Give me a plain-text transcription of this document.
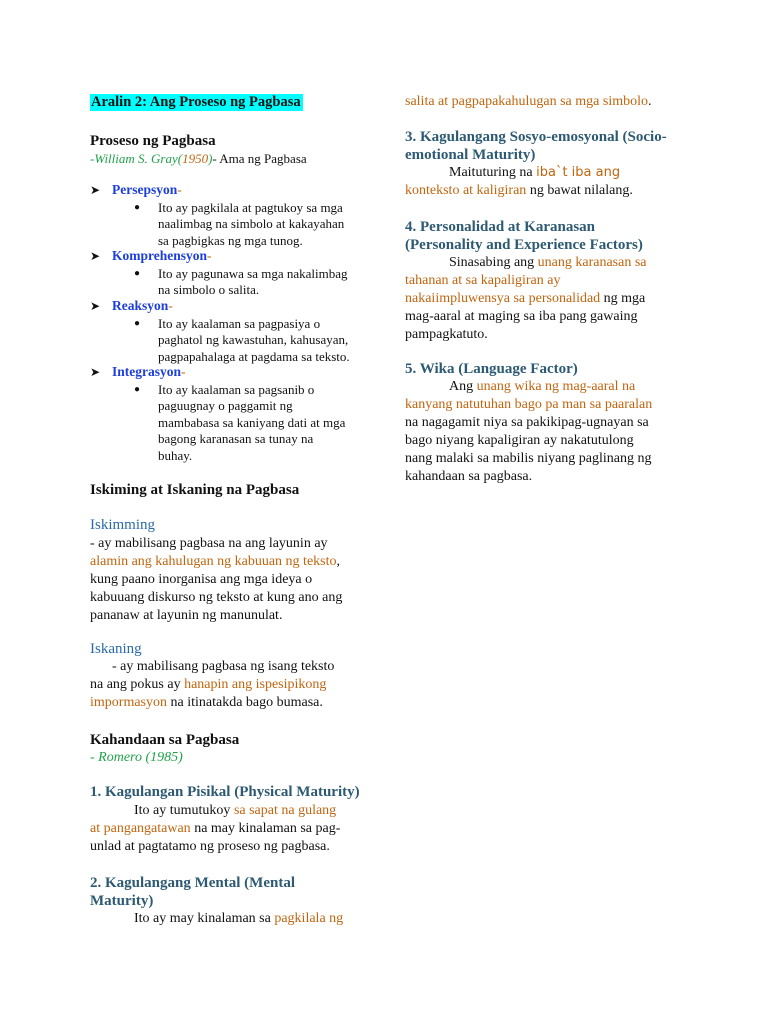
Aralin 2: Ang Proseso ng Pagbasa
Proseso ng Pagbasa
-William S. Gray(1950)- Ama ng Pagbasa
➤ Persepsyon-
●	Ito ay pagkilala at pagtukoy sa mga
naalimbag na simbolo at kakayahan
sa pagbigkas ng mga tunog.
➤ Komprehensyon-
●	Ito ay pagunawa sa mga nakalimbag
na simbolo o salita.
➤ Reaksyon-
●	Ito ay kaalaman sa pagpasiya o
paghatol ng kawastuhan, kahusayan,
pagpapahalaga at pagdama sa teksto.
➤ Integrasyon-
●	Ito ay kaalaman sa pagsanib o
paguugnay o paggamit ng
mambabasa sa kaniyang dati at mga
bagong karanasan sa tunay na
buhay.
Iskiming at Iskaning na Pagbasa
Iskimming
- ay mabilisang pagbasa na ang layunin ay
alamin ang kahulugan ng kabuuan ng teksto,
kung paano inorganisa ang mga ideya o
kabuuang diskurso ng teksto at kung ano ang
pananaw at layunin ng manunulat.
Iskaning
- ay mabilisang pagbasa ng isang teksto
na ang pokus ay hanapin ang ispesipikong
impormasyon na itinatakda bago bumasa.
Kahandaan sa Pagbasa
- Romero (1985)
1. Kagulangan Pisikal (Physical Maturity)
Ito ay tumutukoy sa sapat na gulang
at pangangatawan na may kinalaman sa pag-
unlad at pagtatamo ng proseso ng pagbasa.
2. Kagulangang Mental (Mental
Maturity)
Ito ay may kinalaman sa pagkilala ng
salita at pagpapakahulugan sa mga simbolo.
3. Kagulangang Sosyo-emosyonal (Socio-
emotional Maturity)
Maituturing na iba`t iba ang
konteksto at kaligiran ng bawat nilalang.
4. Personalidad at Karanasan
(Personality and Experience Factors)
Sinasabing ang unang karanasan sa
tahanan at sa kapaligiran ay
nakaiimpluwensya sa personalidad ng mga
mag-aaral at maging sa iba pang gawaing
pampagkatuto.
5. Wika (Language Factor)
Ang unang wika ng mag-aaral na
kanyang natutuhan bago pa man sa paaralan
na nagagamit niya sa pakikipag-ugnayan sa
bago niyang kapaligiran ay nakatutulong
nang malaki sa mabilis niyang paglinang ng
kahandaan sa pagbasa.
